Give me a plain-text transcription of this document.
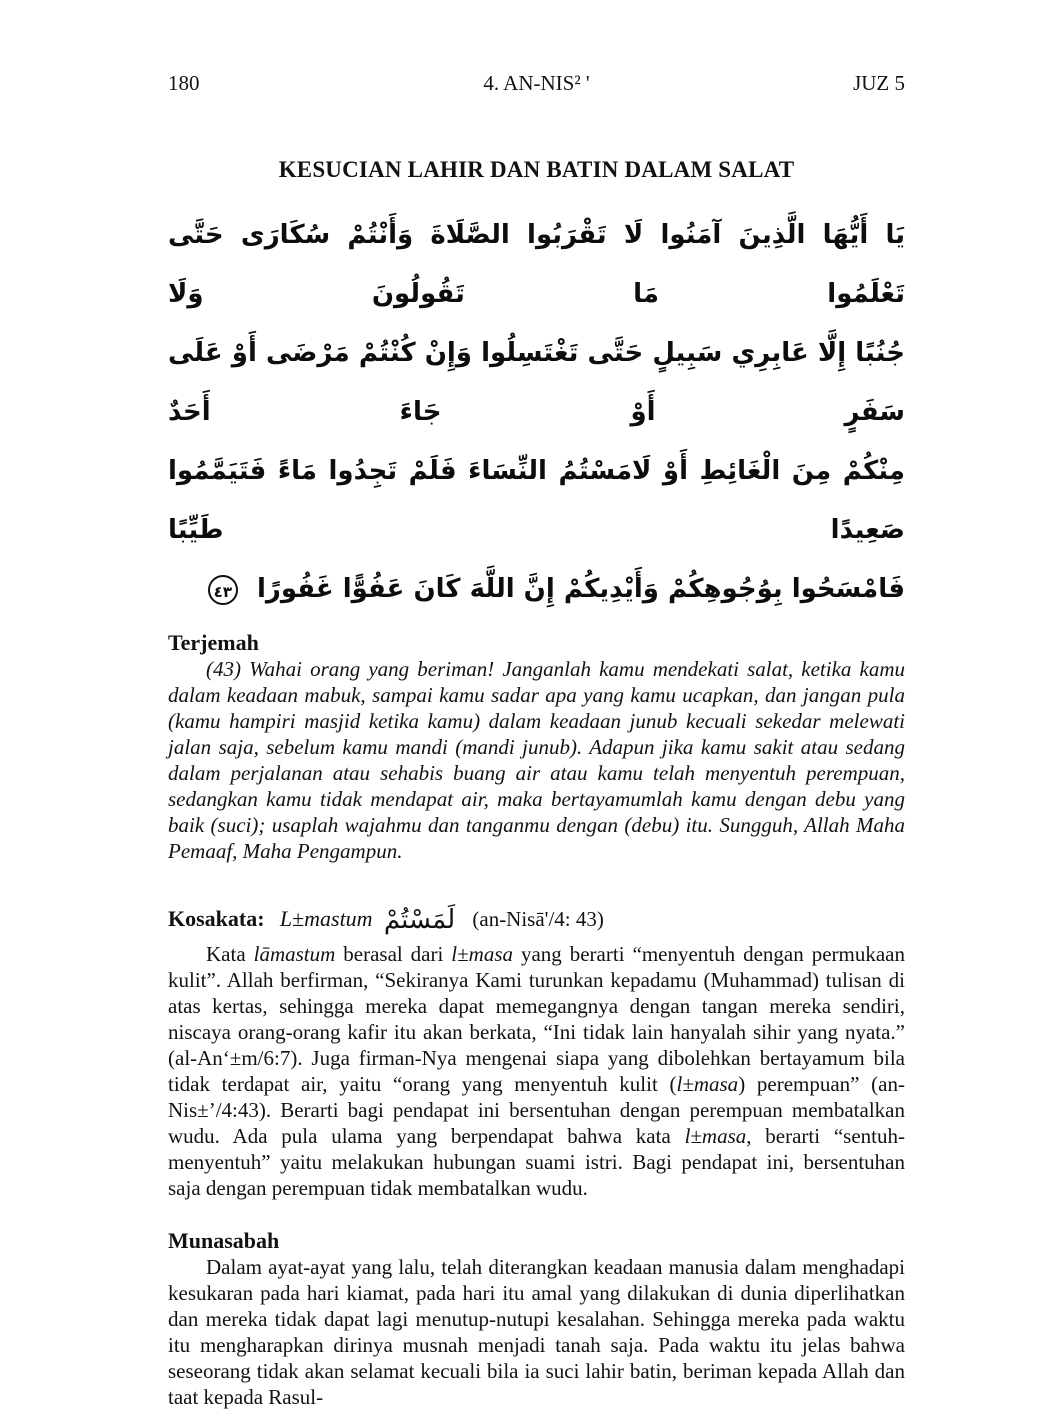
180	4. AN-NIS² '	JUZ 5
KESUCIAN LAHIR DAN BATIN DALAM SALAT
يَا أَيُّهَا الَّذِينَ آمَنُوا لَا تَقْرَبُوا الصَّلَاةَ وَأَنْتُمْ سُكَارَى حَتَّى تَعْلَمُوا مَا تَقُولُونَ وَلَا
جُنُبًا إِلَّا عَابِرِي سَبِيلٍ حَتَّى تَغْتَسِلُوا وَإِنْ كُنْتُمْ مَرْضَى أَوْ عَلَى سَفَرٍ أَوْ جَاءَ أَحَدٌ
مِنْكُمْ مِنَ الْغَائِطِ أَوْ لَامَسْتُمُ النِّسَاءَ فَلَمْ تَجِدُوا مَاءً فَتَيَمَّمُوا صَعِيدًا طَيِّبًا
فَامْسَحُوا بِوُجُوهِكُمْ وَأَيْدِيكُمْ إِنَّ اللَّهَ كَانَ عَفُوًّا غَفُورًا ٤٣
Terjemah

(43) Wahai orang yang beriman! Janganlah kamu mendekati salat, ketika kamu dalam keadaan mabuk, sampai kamu sadar apa yang kamu ucapkan, dan jangan pula (kamu hampiri masjid ketika kamu) dalam keadaan junub kecuali sekedar melewati jalan saja, sebelum kamu mandi (mandi junub). Adapun jika kamu sakit atau sedang dalam perjalanan atau sehabis buang air atau kamu telah menyentuh perempuan, sedangkan kamu tidak mendapat air, maka bertayamumlah kamu dengan debu yang baik (suci); usaplah wajahmu dan tanganmu dengan (debu) itu. Sungguh, Allah Maha Pemaaf, Maha Pengampun.

Kosakata: L±mastum لَمَسْتُمْ (an-Nisā'/4: 43)

Kata lāmastum berasal dari l±masa yang berarti “menyentuh dengan permukaan kulit”. Allah berfirman, “Sekiranya Kami turunkan kepadamu (Muhammad) tulisan di atas kertas, sehingga mereka dapat memegangnya dengan tangan mereka sendiri, niscaya orang-orang kafir itu akan berkata, “Ini tidak lain hanyalah sihir yang nyata.” (al-An‘±m/6:7). Juga firman-Nya mengenai siapa yang dibolehkan bertayamum bila tidak terdapat air, yaitu “orang yang menyentuh kulit (l±masa) perempuan” (an-Nis±’/4:43). Berarti bagi pendapat ini bersentuhan dengan perempuan membatalkan wudu. Ada pula ulama yang berpendapat bahwa kata l±masa, berarti “sentuh-menyentuh” yaitu melakukan hubungan suami istri. Bagi pendapat ini, bersentuhan saja dengan perempuan tidak membatalkan wudu.

Munasabah

Dalam ayat-ayat yang lalu, telah diterangkan keadaan manusia dalam menghadapi kesukaran pada hari kiamat, pada hari itu amal yang dilakukan di dunia diperlihatkan dan mereka tidak dapat lagi menutup-nutupi kesalahan. Sehingga mereka pada waktu itu mengharapkan dirinya musnah menjadi tanah saja. Pada waktu itu jelas bahwa seseorang tidak akan selamat kecuali bila ia suci lahir batin, beriman kepada Allah dan taat kepada Rasul-
